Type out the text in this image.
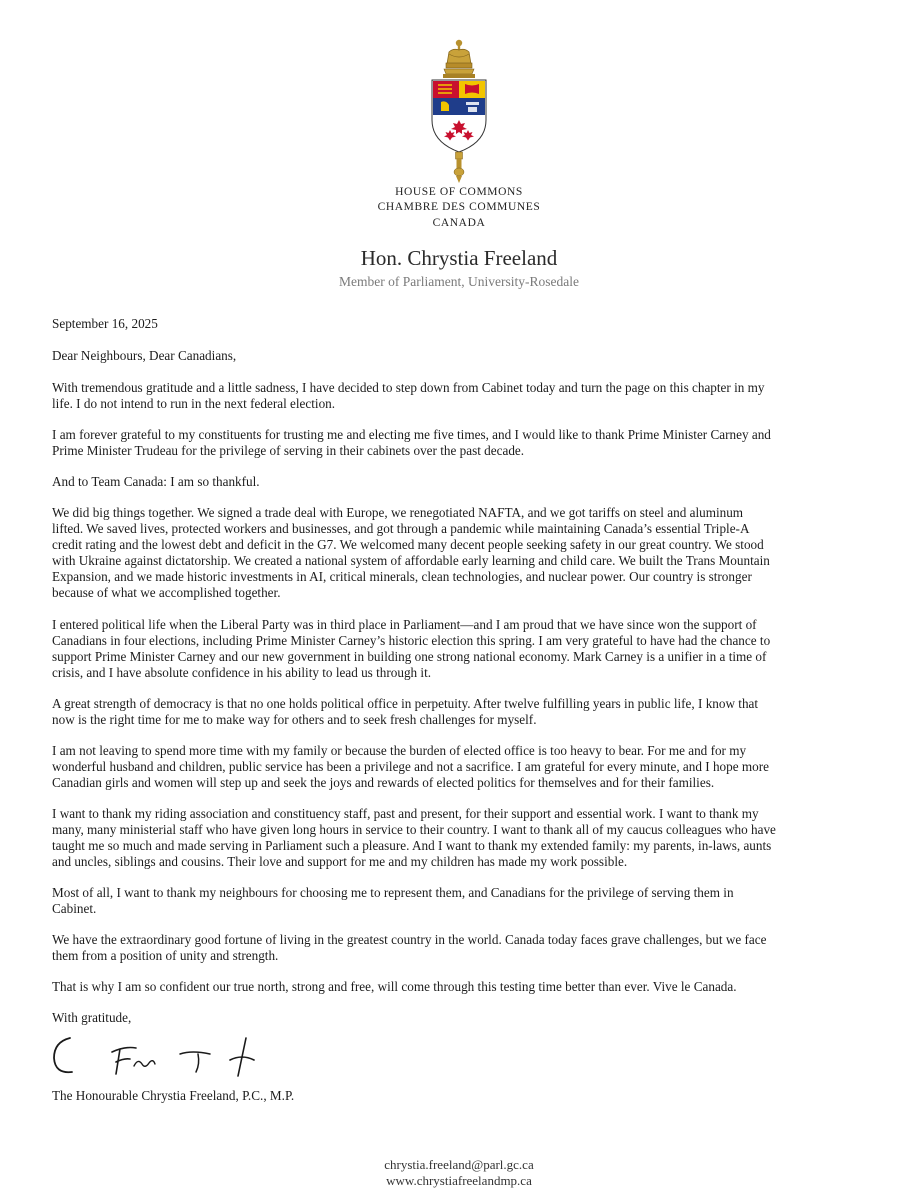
HOUSE OF COMMONS
CHAMBRE DES COMMUNES
CANADA
Hon. Chrystia Freeland
Member of Parliament, University-Rosedale
September 16, 2025
Dear Neighbours, Dear Canadians,
With tremendous gratitude and a little sadness, I have decided to step down from Cabinet today and turn the page on this chapter in my
life. I do not intend to run in the next federal election.
I am forever grateful to my constituents for trusting me and electing me five times, and I would like to thank Prime Minister Carney and
Prime Minister Trudeau for the privilege of serving in their cabinets over the past decade.
And to Team Canada: I am so thankful.
We did big things together. We signed a trade deal with Europe, we renegotiated NAFTA, and we got tariffs on steel and aluminum
lifted. We saved lives, protected workers and businesses, and got through a pandemic while maintaining Canada’s essential Triple-A
credit rating and the lowest debt and deficit in the G7. We welcomed many decent people seeking safety in our great country. We stood
with Ukraine against dictatorship. We created a national system of affordable early learning and child care. We built the Trans Mountain
Expansion, and we made historic investments in AI, critical minerals, clean technologies, and nuclear power. Our country is stronger
because of what we accomplished together.
I entered political life when the Liberal Party was in third place in Parliament—and I am proud that we have since won the support of
Canadians in four elections, including Prime Minister Carney’s historic election this spring. I am very grateful to have had the chance to
support Prime Minister Carney and our new government in building one strong national economy. Mark Carney is a unifier in a time of
crisis, and I have absolute confidence in his ability to lead us through it.
A great strength of democracy is that no one holds political office in perpetuity. After twelve fulfilling years in public life, I know that
now is the right time for me to make way for others and to seek fresh challenges for myself.
I am not leaving to spend more time with my family or because the burden of elected office is too heavy to bear. For me and for my
wonderful husband and children, public service has been a privilege and not a sacrifice. I am grateful for every minute, and I hope more
Canadian girls and women will step up and seek the joys and rewards of elected politics for themselves and for their families.
I want to thank my riding association and constituency staff, past and present, for their support and essential work. I want to thank my
many, many ministerial staff who have given long hours in service to their country. I want to thank all of my caucus colleagues who have
taught me so much and made serving in Parliament such a pleasure. And I want to thank my extended family: my parents, in-laws, aunts
and uncles, siblings and cousins. Their love and support for me and my children has made my work possible.
Most of all, I want to thank my neighbours for choosing me to represent them, and Canadians for the privilege of serving them in
Cabinet.
We have the extraordinary good fortune of living in the greatest country in the world. Canada today faces grave challenges, but we face
them from a position of unity and strength.
That is why I am so confident our true north, strong and free, will come through this testing time better than ever. Vive le Canada.
With gratitude,
The Honourable Chrystia Freeland, P.C., M.P.
chrystia.freeland@parl.gc.ca
www.chrystiafreelandmp.ca
